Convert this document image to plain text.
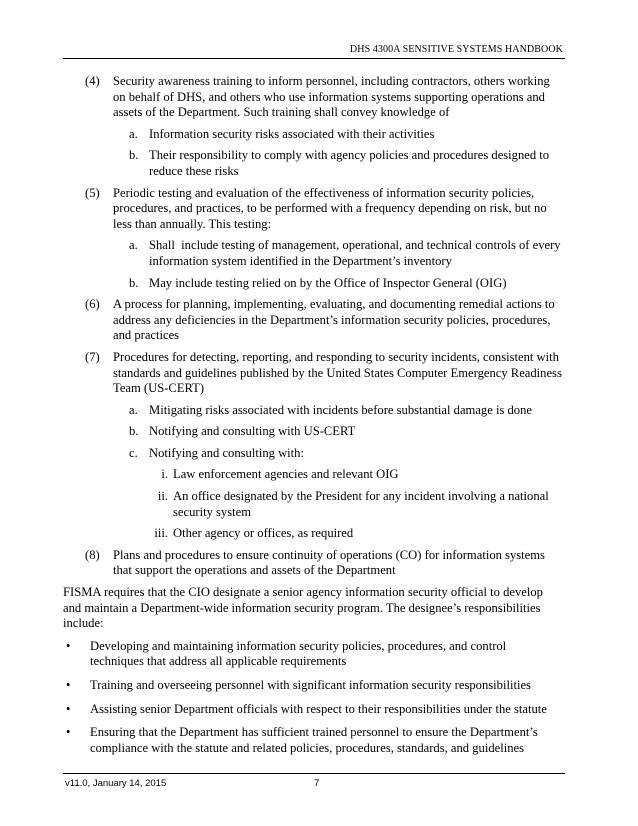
DHS 4300A SENSITIVE SYSTEMS HANDBOOK
(4) Security awareness training to inform personnel, including contractors, others working on behalf of DHS, and others who use information systems supporting operations and assets of the Department. Such training shall convey knowledge of
a. Information security risks associated with their activities
b. Their responsibility to comply with agency policies and procedures designed to reduce these risks
(5) Periodic testing and evaluation of the effectiveness of information security policies, procedures, and practices, to be performed with a frequency depending on risk, but no less than annually. This testing:
a. Shall  include testing of management, operational, and technical controls of every information system identified in the Department’s inventory
b. May include testing relied on by the Office of Inspector General (OIG)
(6) A process for planning, implementing, evaluating, and documenting remedial actions to address any deficiencies in the Department’s information security policies, procedures, and practices
(7) Procedures for detecting, reporting, and responding to security incidents, consistent with standards and guidelines published by the United States Computer Emergency Readiness Team (US-CERT)
a. Mitigating risks associated with incidents before substantial damage is done
b. Notifying and consulting with US-CERT
c. Notifying and consulting with:
i. Law enforcement agencies and relevant OIG
ii. An office designated by the President for any incident involving a national security system
iii. Other agency or offices, as required
(8) Plans and procedures to ensure continuity of operations (CO) for information systems that support the operations and assets of the Department
FISMA requires that the CIO designate a senior agency information security official to develop and maintain a Department-wide information security program. The designee’s responsibilities include:
• Developing and maintaining information security policies, procedures, and control techniques that address all applicable requirements
• Training and overseeing personnel with significant information security responsibilities
• Assisting senior Department officials with respect to their responsibilities under the statute
• Ensuring that the Department has sufficient trained personnel to ensure the Department’s compliance with the statute and related policies, procedures, standards, and guidelines
v11.0, January 14, 2015	7
